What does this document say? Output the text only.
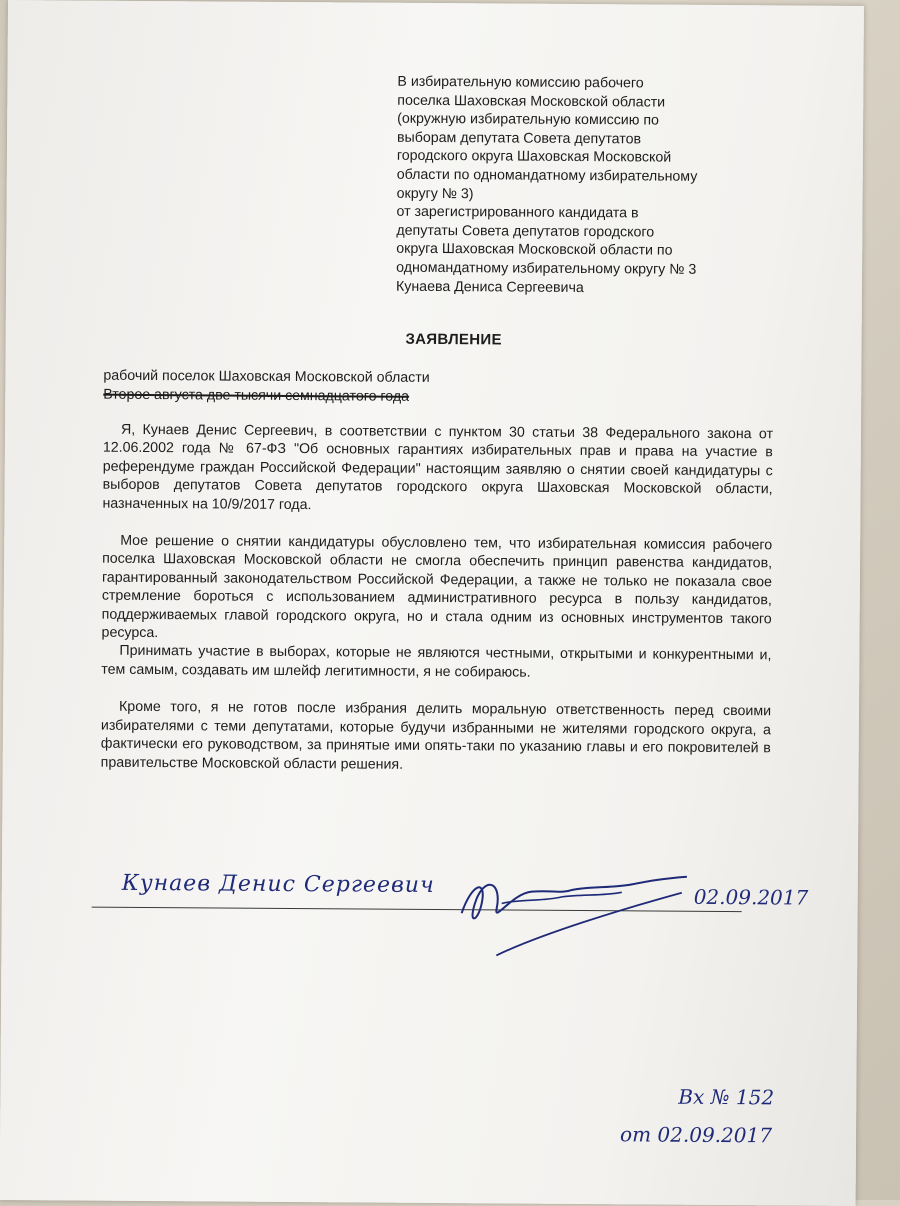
В избирательную комиссию рабочего
поселка Шаховская Московской области
(окружную избирательную комиссию по
выборам депутата Совета депутатов
городского округа Шаховская Московской
области по одномандатному избирательному
округу № 3)
от зарегистрированного кандидата в
депутаты Совета депутатов городского
округа Шаховская Московской области по
одномандатному избирательному округу № 3
Кунаева Дениса Сергеевича
ЗАЯВЛЕНИЕ
рабочий поселок Шаховская Московской области
Второе августа две тысячи семнадцатого года

Я, Кунаев Денис Сергеевич, в соответствии с пунктом 30 статьи 38 Федерального закона от 12.06.2002 года № 67-ФЗ "Об основных гарантиях избирательных прав и права на участие в референдуме граждан Российской Федерации" настоящим заявляю о снятии своей кандидатуры с выборов депутатов Совета депутатов городского округа Шаховская Московской области, назначенных на 10/9/2017 года.

Мое решение о снятии кандидатуры обусловлено тем, что избирательная комиссия рабочего поселка Шаховская Московской области не смогла обеспечить принцип равенства кандидатов, гарантированный законодательством Российской Федерации, а также не только не показала свое стремление бороться с использованием административного ресурса в пользу кандидатов, поддерживаемых главой городского округа, но и стала одним из основных инструментов такого ресурса.

Принимать участие в выборах, которые не являются честными, открытыми и конкурентными и, тем самым, создавать им шлейф легитимности, я не собираюсь.

Кроме того, я не готов после избрания делить моральную ответственность перед своими избирателями с теми депутатами, которые будучи избранными не жителями городского округа, а фактически его руководством, за принятые ими опять-таки по указанию главы и его покровителей в правительстве Московской области решения.

Кунаев Денис Сергеевич	02.09.2017
Вх № 152
от 02.09.2017
